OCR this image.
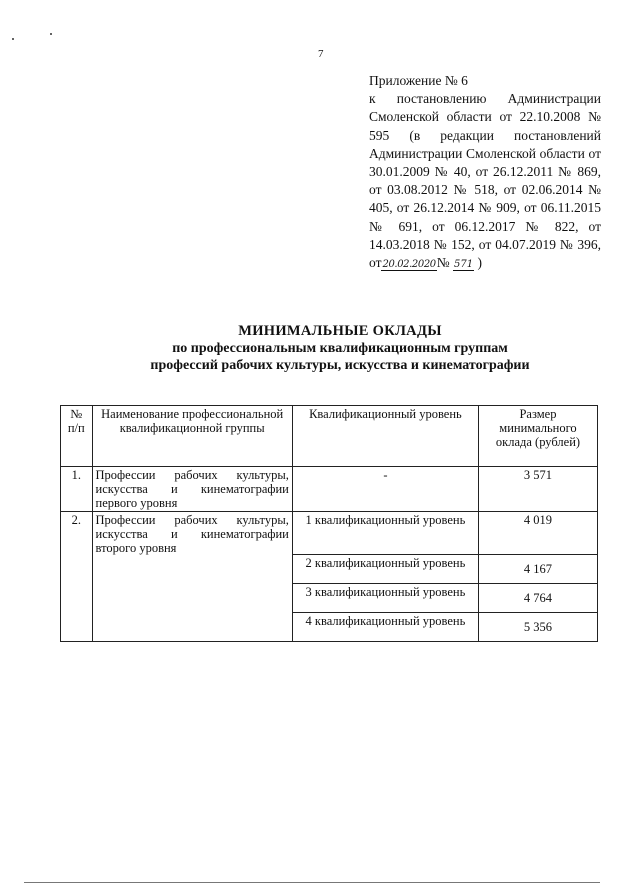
7
Приложение № 6
к постановлению Администрации Смоленской области от 22.10.2008 № 595 (в редакции постановлений Администрации Смоленской области от 30.01.2009 № 40, от 26.12.2011 № 869, от 03.08.2012 № 518, от 02.06.2014 № 405, от 26.12.2014 № 909, от 06.11.2015 № 691, от 06.12.2017 № 822, от 14.03.2018 № 152, от 04.07.2019 № 396, от20.02.2020№ 571 )
МИНИМАЛЬНЫЕ ОКЛАДЫ
по профессиональным квалификационным группам
профессий рабочих культуры, искусства и кинематографии
№ п/п	Наименование профессиональной квалификационной группы	Квалификационный уровень	Размер минимального оклада (рублей)
1.	Профессии рабочих культуры, искусства и кинематографии первого уровня	-	3 571
2.	Профессии рабочих культуры, искусства и кинематографии второго уровня	1 квалификационный уровень	4 019
		2 квалификационный уровень	4 167
		3 квалификационный уровень	4 764
		4 квалификационный уровень	5 356
